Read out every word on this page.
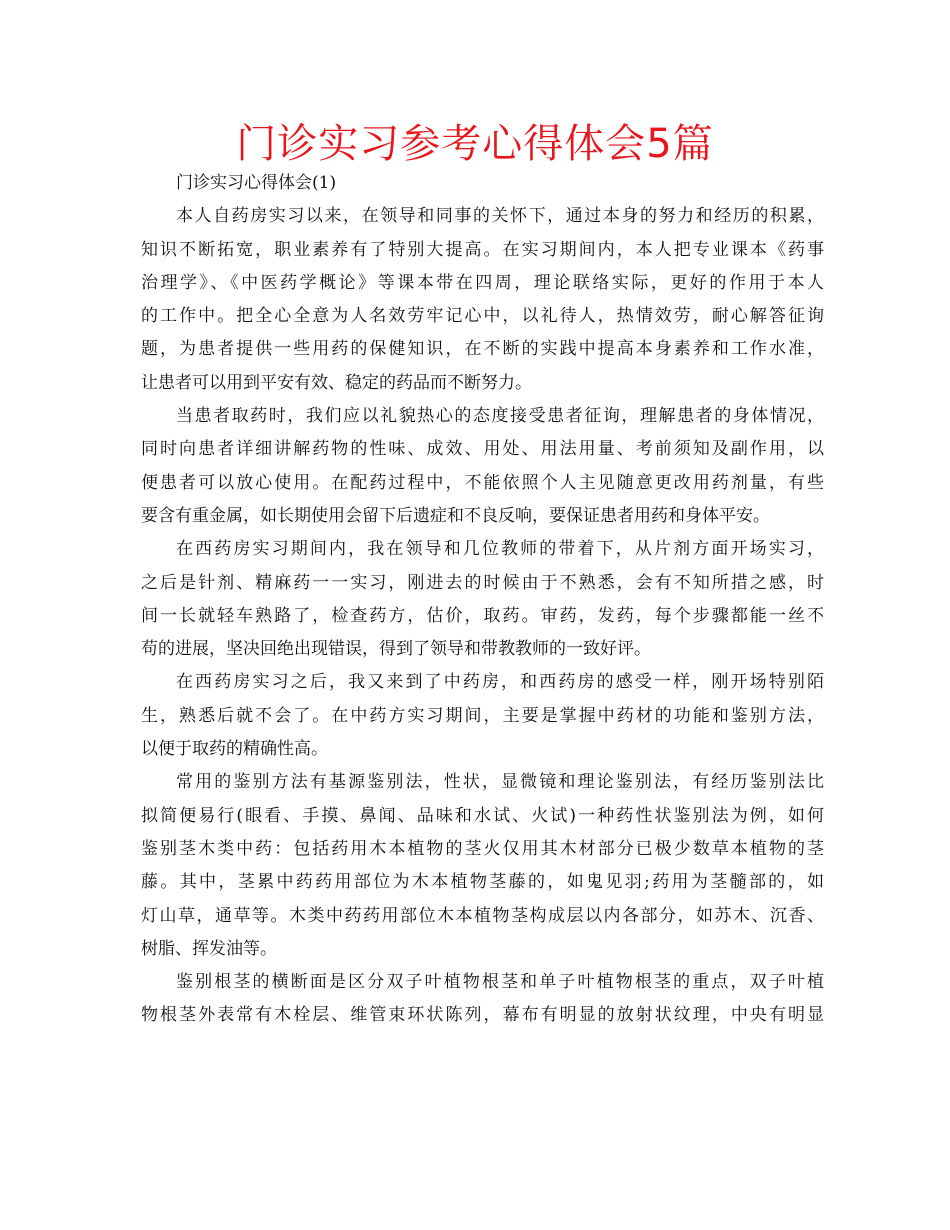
门诊实习参考心得体会5篇
门诊实习心得体会(1)
本人自药房实习以来，在领导和同事的关怀下，通过本身的努力和经历的积累，
知识不断拓宽，职业素养有了特别大提高。在实习期间内，本人把专业课本《药事
治理学》、《中医药学概论》等课本带在四周，理论联络实际，更好的作用于本人
的工作中。把全心全意为人名效劳牢记心中，以礼待人，热情效劳，耐心解答征询
题，为患者提供一些用药的保健知识，在不断的实践中提高本身素养和工作水准，
让患者可以用到平安有效、稳定的药品而不断努力。
当患者取药时，我们应以礼貌热心的态度接受患者征询，理解患者的身体情况，
同时向患者详细讲解药物的性味、成效、用处、用法用量、考前须知及副作用，以
便患者可以放心使用。在配药过程中，不能依照个人主见随意更改用药剂量，有些
要含有重金属，如长期使用会留下后遗症和不良反响，要保证患者用药和身体平安。
在西药房实习期间内，我在领导和几位教师的带着下，从片剂方面开场实习，
之后是针剂、精麻药一一实习，刚进去的时候由于不熟悉，会有不知所措之感，时
间一长就轻车熟路了，检查药方，估价，取药。审药，发药，每个步骤都能一丝不
苟的进展，坚决回绝出现错误，得到了领导和带教教师的一致好评。
在西药房实习之后，我又来到了中药房，和西药房的感受一样，刚开场特别陌
生，熟悉后就不会了。在中药方实习期间，主要是掌握中药材的功能和鉴别方法，
以便于取药的精确性高。
常用的鉴别方法有基源鉴别法，性状，显微镜和理论鉴别法，有经历鉴别法比
拟简便易行(眼看、手摸、鼻闻、品味和水试、火试)一种药性状鉴别法为例，如何
鉴别茎木类中药：包括药用木本植物的茎火仅用其木材部分已极少数草本植物的茎
藤。其中，茎累中药药用部位为木本植物茎藤的，如鬼见羽;药用为茎髓部的，如
灯山草，通草等。木类中药药用部位木本植物茎构成层以内各部分，如苏木、沉香、
树脂、挥发油等。
鉴别根茎的横断面是区分双子叶植物根茎和单子叶植物根茎的重点，双子叶植
物根茎外表常有木栓层、维管束环状陈列，幕布有明显的放射状纹理，中央有明显
